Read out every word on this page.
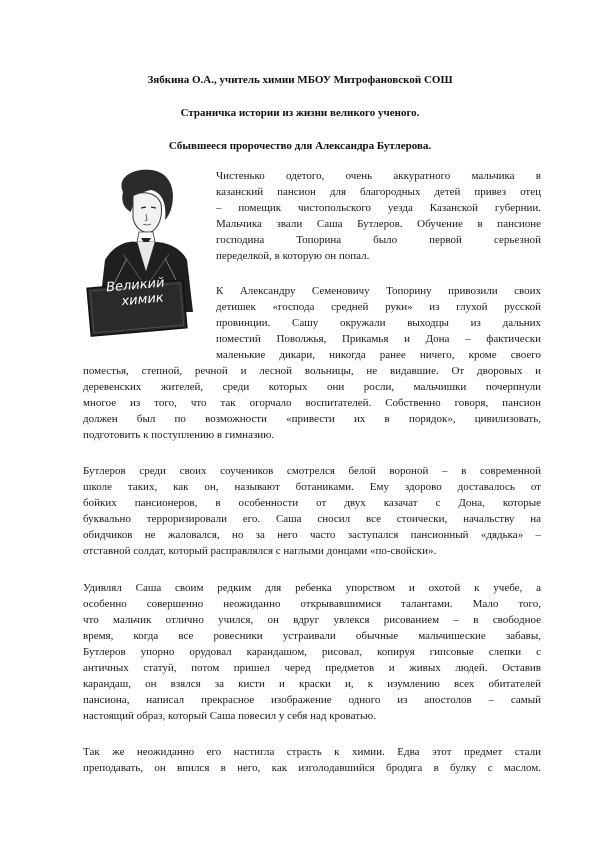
Зябкина О.А., учитель химии МБОУ Митрофановской СОШ
Страничка истории из жизни великого ученого.
Сбывшееся пророчество для Александра Бутлерова.
Великий
химик
Чистенько одетого, очень аккуратного мальчика в
казанский пансион для благородных детей привез отец
– помещик чистопольского уезда Казанской губернии.
Мальчика звали Саша Бутлеров. Обучение в пансионе
господина Топорина было первой серьезной
переделкой, в которую он попал.
К Александру Семеновичу Топорину привозили своих
детишек «господа средней руки» из глухой русской
провинции. Сашу окружали выходцы из дальних
поместий Поволжья, Прикамья и Дона – фактически
маленькие дикари, никогда ранее ничего, кроме своего
поместья, степной, речной и лесной вольницы, не видавшие. От дворовых и
деревенских жителей, среди которых они росли, мальчишки почерпнули
многое из того, что так огорчало воспитателей. Собственно говоря, пансион
должен был по возможности «привести их в порядок», цивилизовать,
подготовить к поступлению в гимназию.
Бутлеров среди своих соучеников смотрелся белой вороной – в современной
школе таких, как он, называют ботаниками. Ему здорово доставалось от
бойких пансионеров, в особенности от двух казачат с Дона, которые
буквально терроризировали его. Саша сносил все стоически, начальству на
обидчиков не жаловался, но за него часто заступался пансионный «дядька» –
отставной солдат, который расправлялся с наглыми донцами «по-свойски».
Удивлял Саша своим редким для ребенка упорством и охотой к учебе, а
особенно совершенно неожиданно открывавшимися талантами. Мало того,
что мальчик отлично учился, он вдруг увлекся рисованием – в свободное
время, когда все ровесники устраивали обычные мальчишеские забавы,
Бутлеров упорно орудовал карандашом, рисовал, копируя гипсовые слепки с
античных статуй, потом пришел черед предметов и живых людей. Оставив
карандаш, он взялся за кисти и краски и, к изумлению всех обитателей
пансиона, написал прекрасное изображение одного из апостолов – самый
настоящий образ, который Саша повесил у себя над кроватью.
Так же неожиданно его настигла страсть к химии. Едва этот предмет стали
преподавать, он впился в него, как изголодавшийся бродяга в булку с маслом.
